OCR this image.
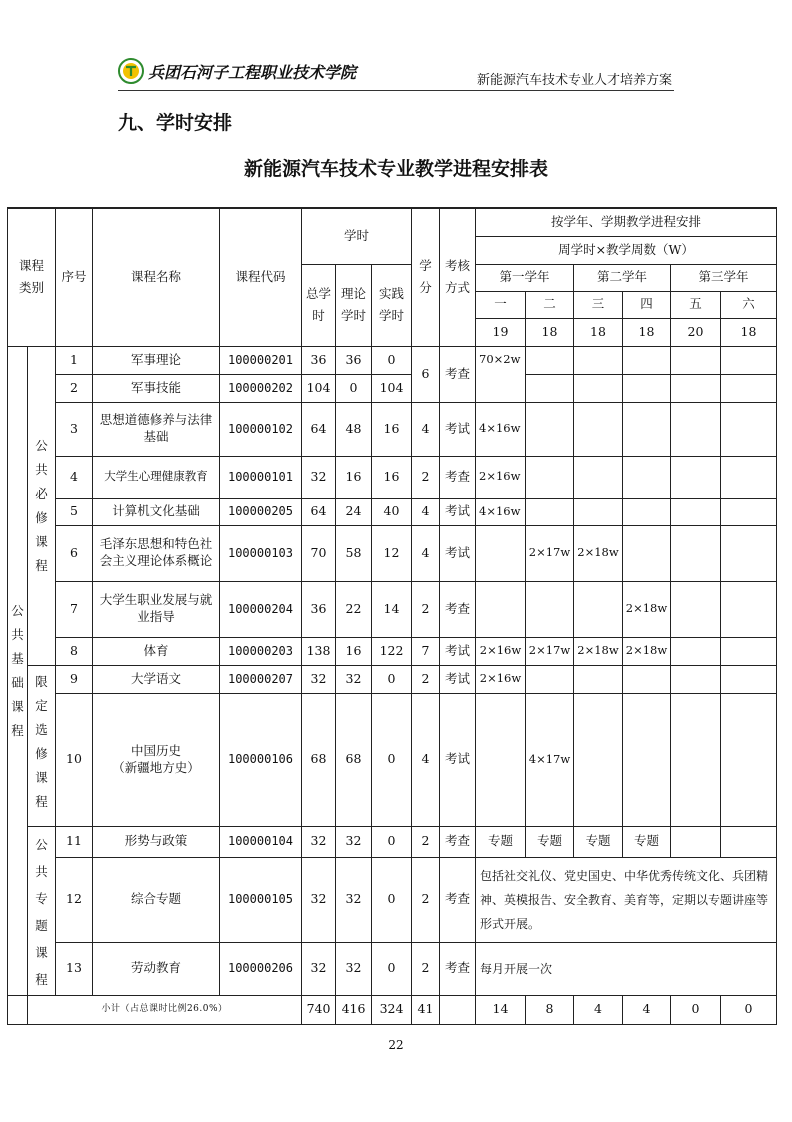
兵团石河子工程职业技术学院	新能源汽车技术专业人才培养方案
九、学时安排
新能源汽车技术专业教学进程安排表
课程类别		序号	课程名称	课程代码	学时			学分	考核方式	按学年、学期教学进程安排					
										周学时×教学周数（W）					
					总学时	理论学时	实践学时			第一学年		第二学年		第三学年	
										一	二	三	四	五	六
										19	18	18	18	20	18
公共基础课程	公共必修课程	1	军事理论	100000201	36	36	0	6	考查	70×2w					
		2	军事技能	100000202	104	0	104								
		3	思想道德修养与法律基础	100000102	64	48	16	4	考试	4×16w					
		4	大学生心理健康教育	100000101	32	16	16	2	考查	2×16w					
		5	计算机文化基础	100000205	64	24	40	4	考试	4×16w					
		6	毛泽东思想和特色社会主义理论体系概论	100000103	70	58	12	4	考试		2×17w	2×18w			
		7	大学生职业发展与就业指导	100000204	36	22	14	2	考查				2×18w		
		8	体育	100000203	138	16	122	7	考试	2×16w	2×17w	2×18w	2×18w		
	限定选修课程	9	大学语文	100000207	32	32	0	2	考试	2×16w					
		10	中国历史
（新疆地方史）	100000106	68	68	0	4	考试		4×17w				
	公共专题课程	11	形势与政策	100000104	32	32	0	2	考查	专题	专题	专题	专题		
		12	综合专题	100000105	32	32	0	2	考查	包括社交礼仪、党史国史、中华优秀传统文化、兵团精神、英模报告、安全教育、美育等，定期以专题讲座等形式开展。					
		13	劳动教育	100000206	32	32	0	2	考查	每月开展一次					
	小计（占总课时比例26.0%）				740	416	324	41		14	8	4	4	0	0
22
